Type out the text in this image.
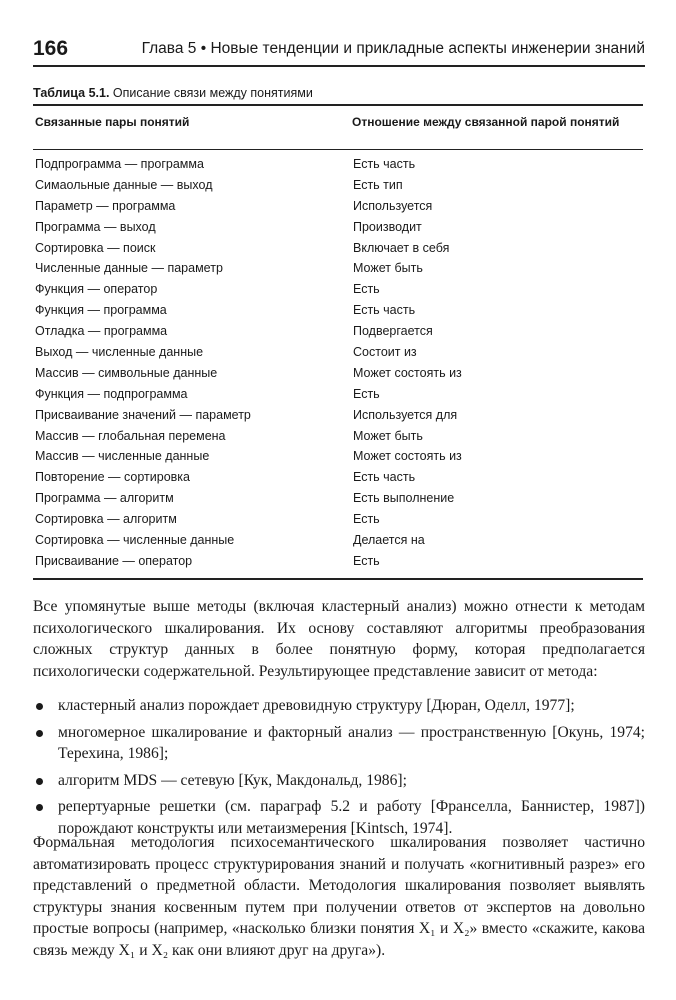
166	Глава 5 • Новые тенденции и прикладные аспекты инженерии знаний
Таблица 5.1. Описание связи между понятиями
Связанные пары понятий	Отношение между связанной парой понятий
Подпрограмма — программа	Есть часть
Симаольные данные — выход	Есть тип
Параметр — программа	Используется
Программа — выход	Производит
Сортировка — поиск	Включает в себя
Численные данные — параметр	Может быть
Функция — оператор	Есть
Функция — программа	Есть часть
Отладка — программа	Подвергается
Выход — численные данные	Состоит из
Массив — символьные данные	Может состоять из
Функция — подпрограмма	Есть
Присваивание значений — параметр	Используется для
Массив — глобальная перемена	Может быть
Массив — численные данные	Может состоять из
Повторение — сортировка	Есть часть
Программа — алгоритм	Есть выполнение
Сортировка — алгоритм	Есть
Сортировка — численные данные	Делается на
Присваивание — оператор	Есть
Все упомянутые выше методы (включая кластерный анализ) можно отнести к методам психологического шкалирования. Их основу составляют алгоритмы преобразования сложных структур данных в более понятную форму, которая предполагается психологически содержательной. Результирующее представление зависит от метода:
кластерный анализ порождает древовидную структуру [Дюран, Оделл, 1977];
многомерное шкалирование и факторный анализ — пространственную [Окунь, 1974; Терехина, 1986];
алгоритм MDS — сетевую [Кук, Макдональд, 1986];
репертуарные решетки (см. параграф 5.2 и работу [Франселла, Баннистер, 1987]) порождают конструкты или метаизмерения [Kintsch, 1974].
Формальная методология психосемантического шкалирования позволяет частично автоматизировать процесс структурирования знаний и получать «когнитивный разрез» его представлений о предметной области. Методология шкалирования позволяет выявлять структуры знания косвенным путем при получении ответов от экспертов на довольно простые вопросы (например, «насколько близки понятия X₁ и X₂» вместо «скажите, какова связь между X₁ и X₂ как они влияют друг на друга»).
